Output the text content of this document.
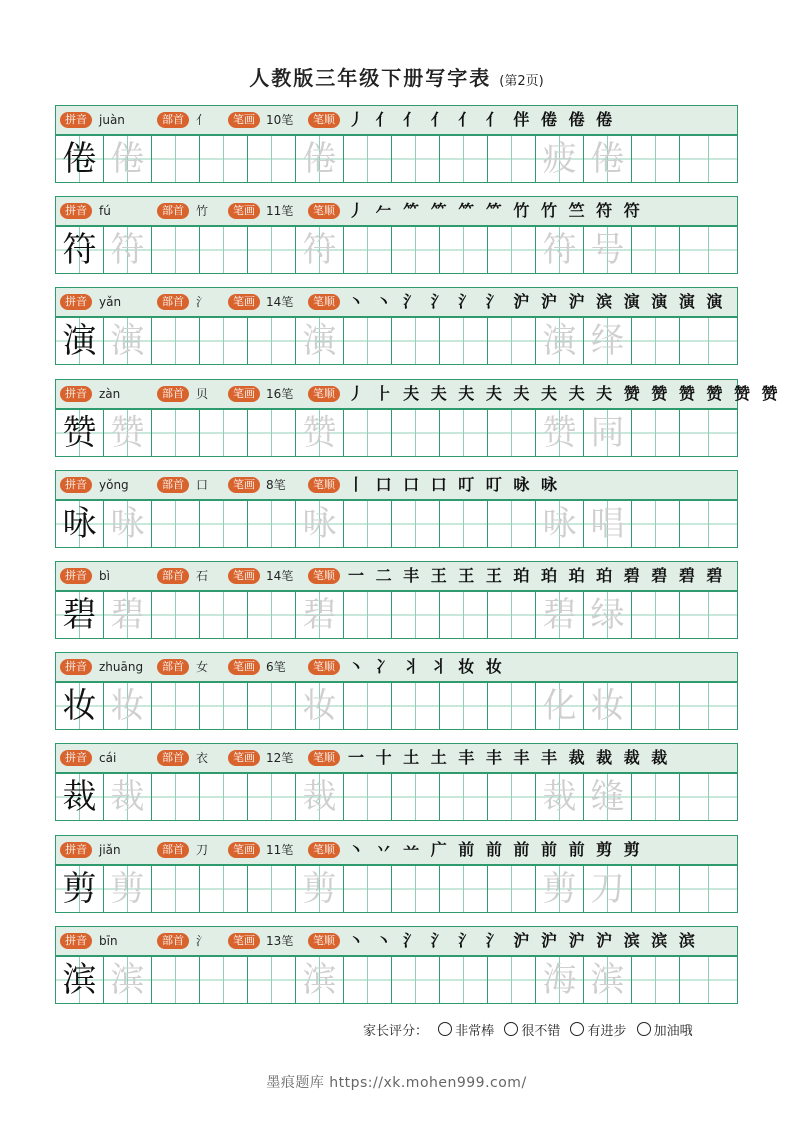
人教版三年级下册写字表 (第2页)
拼音	juàn	部首	亻	笔画 10笔	笔顺 丿 亻 亻 亻 亻 亻 伴 倦 倦 倦
倦 倦	倦	疲 倦
拼音	fú	部首	竹	笔画 11笔	笔顺 丿 𠂉 ⺮ ⺮ ⺮ ⺮ 竹 竹 竺 符 符
符 符	符	符 号
拼音	yǎn	部首	氵	笔画 14笔	笔顺 丶 丶 氵 氵 氵 氵 沪 沪 沪 滨 演 演 演 演
演 演	演	演 绎
拼音	zàn	部首	贝	笔画 16笔	笔顺 丿 ⺊ 夫 夫 夫 夫 夫 夫 夫 夫 赞 赞 赞 赞 赞 赞
赞 赞	赞	赞 同
拼音	yǒng	部首	口	笔画 8笔	笔顺 丨 口 口 口 叮 叮 咏 咏
咏 咏	咏	咏 唱
拼音	bì	部首	石	笔画 14笔	笔顺 一 二 丰 王 王 王 珀 珀 珀 珀 碧 碧 碧 碧
碧 碧	碧	碧 绿
拼音	zhuāng	部首	女	笔画 6笔	笔顺 丶 冫 丬 丬 妆 妆
妆 妆	妆	化 妆
拼音	cái	部首	衣	笔画 12笔	笔顺 一 十 土 土 丰 丰 丰 丰 裁 裁 裁 裁
裁 裁	裁	裁 缝
拼音	jiǎn	部首	刀	笔画 11笔	笔顺 丶 丷 䒑 广 前 前 前 前 前 剪 剪
剪 剪	剪	剪 刀
拼音	bīn	部首	氵	笔画 13笔	笔顺 丶 丶 氵 氵 氵 氵 沪 沪 沪 沪 滨 滨 滨
滨 滨	滨	海 滨
家长评分： 非常棒 很不错 有进步 加油哦
墨痕题库 https://xk.mohen999.com/
